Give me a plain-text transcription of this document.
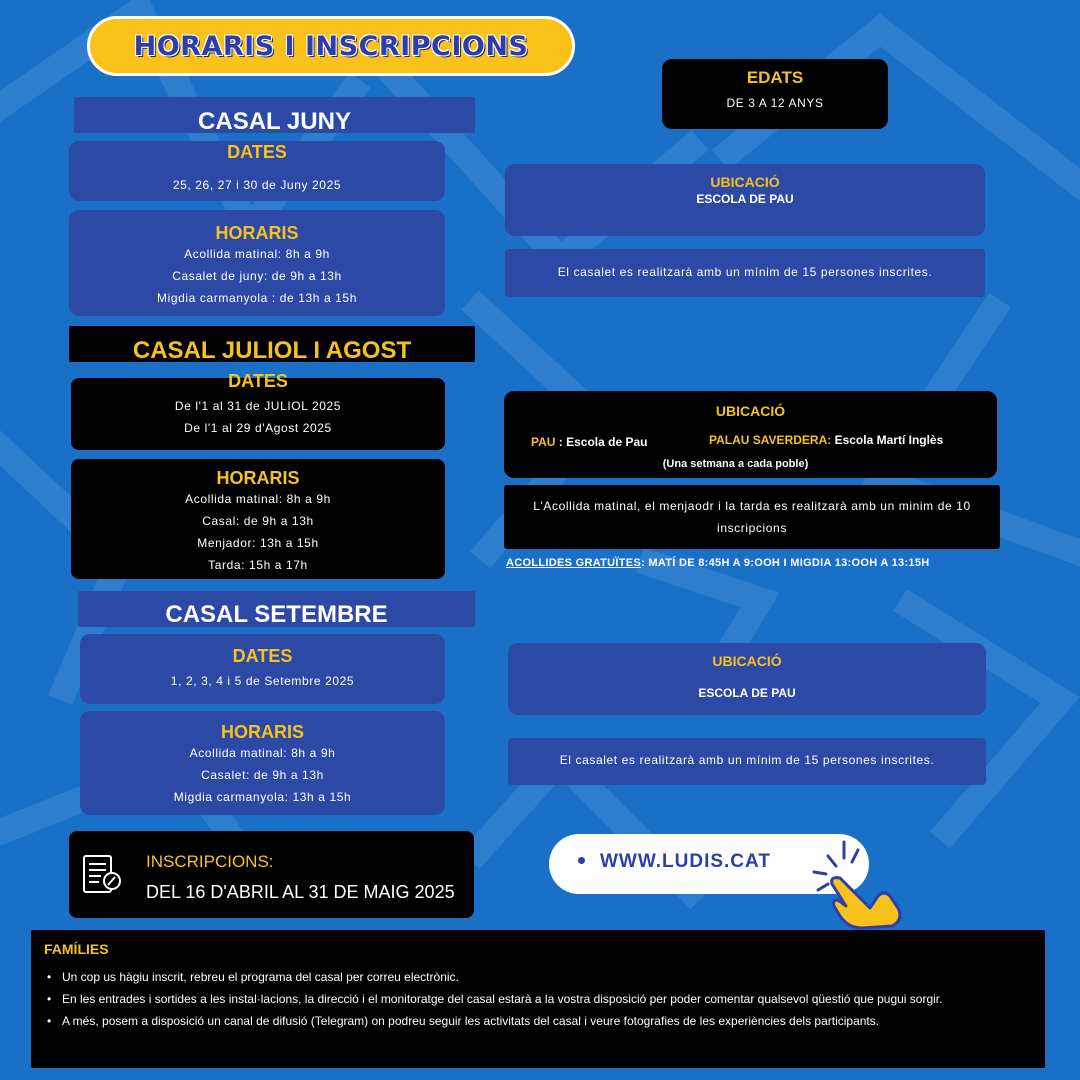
HORARIS I INSCRIPCIONS
EDATS
DE 3 A 12 ANYS
CASAL JUNY
DATES
25, 26, 27 i 30 de Juny 2025
HORARIS
Acollida matinal: 8h a 9h
Casalet de juny: de 9h a 13h
Migdia carmanyola : de 13h a 15h
UBICACIÓ
ESCOLA DE PAU
El casalet es realitzarà amb un mínim de 15 persones inscrites.
CASAL JULIOL I AGOST
DATES
De l'1 al 31 de JULIOL 2025
De l'1 al 29 d'Agost 2025
HORARIS
Acollida matinal: 8h a 9h
Casal: de 9h a 13h
Menjador: 13h a 15h
Tarda: 15h a 17h
UBICACIÓ
PAU : Escola de Pau	PALAU SAVERDERA: Escola Martí Inglès
(Una setmana a cada poble)
L'Acollida matinal, el menjaodr i la tarda es realitzarà amb un minim de 10 inscripcions
ACOLLIDES GRATUÏTES: MATÍ DE 8:45H A 9:OOH I MIGDIA 13:OOH A 13:15H
CASAL SETEMBRE
DATES
1, 2, 3, 4 i 5 de Setembre 2025
HORARIS
Acollida matinal: 8h a 9h
Casalet: de 9h a 13h
Migdia carmanyola: 13h a 15h
UBICACIÓ
ESCOLA DE PAU
El casalet es realitzarà amb un mínim de 15 persones inscrites.
INSCRIPCIONS:
DEL 16 D'ABRIL AL 31 DE MAIG 2025
WWW.LUDIS.CAT
FAMÍLIES
• Un cop us hàgiu inscrit, rebreu el programa del casal per correu electrònic.
• En les entrades i sortides a les instal·lacions, la direcció i el monitoratge del casal estarà a la vostra disposició per poder comentar qualsevol qüestió que pugui sorgir.
• A més, posem a disposició un canal de difusió (Telegram) on podreu seguir les activitats del casal i veure fotografies de les experiències dels participants.
